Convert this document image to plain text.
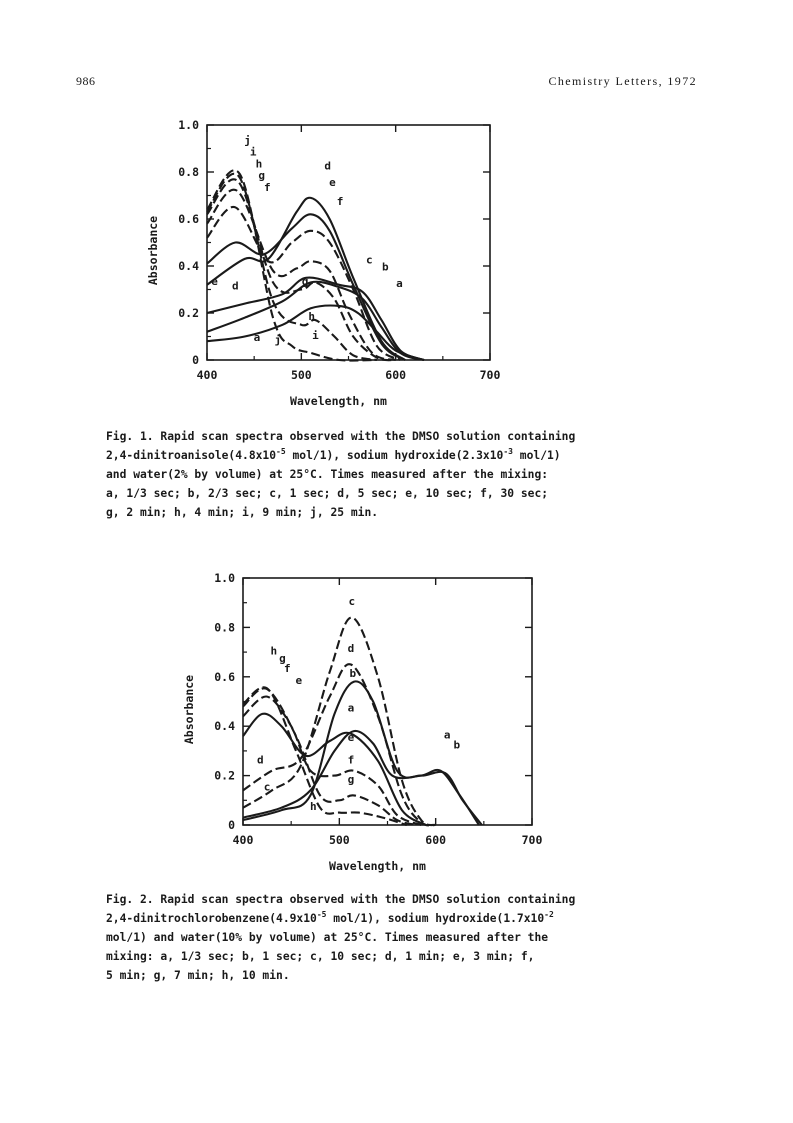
986	Chemistry Letters, 1972
400	500	600	700
0
0.2
0.4
0.6
0.8
1.0
Wavelength, nm
Absorbance
j
i
h
g
f
d
e
f
c
b
a
e d	g
h
a j	i
Fig. 1. Rapid scan spectra observed with the DMSO solution containing
$2,4-dinitroanisole(4.8x10^{-5}$ mol/1), sodium $hydroxide(2.3x10^{-3}$ mol/1)
and water(2% by volume) at 25°C. Times measured after the mixing:
a, 1/3 sec; b, 2/3 sec; c, 1 sec; d, 5 sec; e, 10 sec; f, 30 sec;
g, 2 min; h, 4 min; i, 9 min; j, 25 min.
400	500	600	700
0
0.2
0.4
0.6
0.8
1.0
Wavelength, nm
Absorbance
c
h
g
f
e
d
b
a
e
f
g
h
d
c
a
b
Fig. 2. Rapid scan spectra observed with the DMSO solution containing
$2,4-dinitrochlorobenzene(4.9x10^{-5}$ mol/1), sodium $hydroxide(1.7x10^{-2}$
mol/1) and water(10% by volume) at 25°C. Times measured after the
mixing: a, 1/3 sec; b, 1 sec; c, 10 sec; d, 1 min; e, 3 min; f,
5 min; g, 7 min; h, 10 min.
